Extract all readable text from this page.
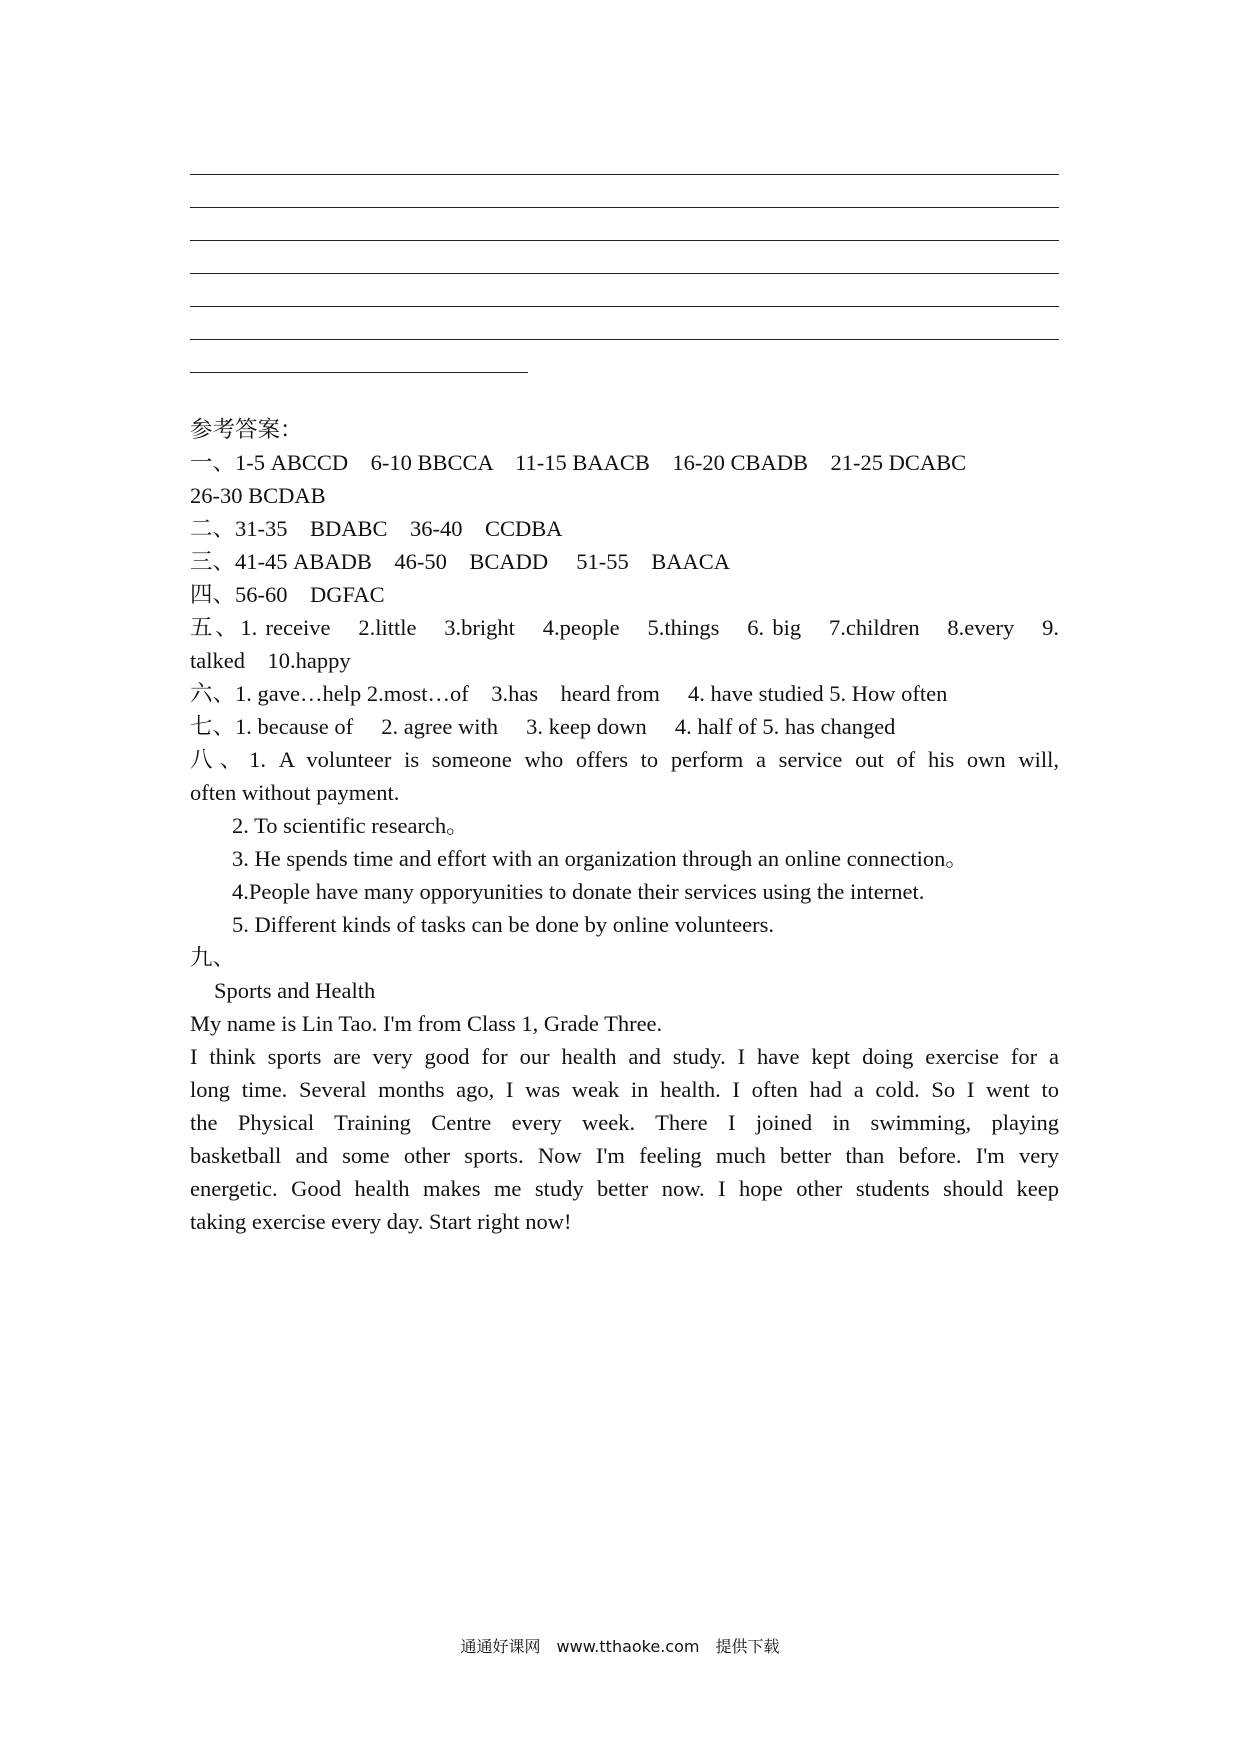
参考答案：
一、1-5 ABCCD　6-10 BBCCA　11-15 BAACB　16-20 CBADB　21-25 DCABC
26-30 BCDAB
二、31-35　BDABC　36-40　CCDBA
三、41-45 ABADB　46-50　BCADD　 51-55　BAACA
四、56-60　DGFAC
五、1. receive　2.little　3.bright　4.people　5.things　6. big　7.children　8.every　9.
talked　10.happy
六、1. gave…help 2.most…of　3.has　heard from　 4. have studied 5. How often
七、1. because of　 2. agree with　 3. keep down　 4. half of 5. has changed
八、1. A volunteer is someone who offers to perform a service out of his own will,
often without payment.
2. To scientific research。
3. He spends time and effort with an organization through an online connection。
4.People have many opporyunities to donate their services using the internet.
5. Different kinds of tasks can be done by online volunteers.
九、
Sports and Health
My name is Lin Tao. I'm from Class 1, Grade Three.
I think sports are very good for our health and study. I have kept doing exercise for a
long time. Several months ago, I was weak in health. I often had a cold. So I went to
the Physical Training Centre every week. There I joined in swimming, playing
basketball and some other sports. Now I'm feeling much better than before. I'm very
energetic. Good health makes me study better now. I hope other students should keep
taking exercise every day. Start right now!
通通好课网　www.tthaoke.com　提供下载
